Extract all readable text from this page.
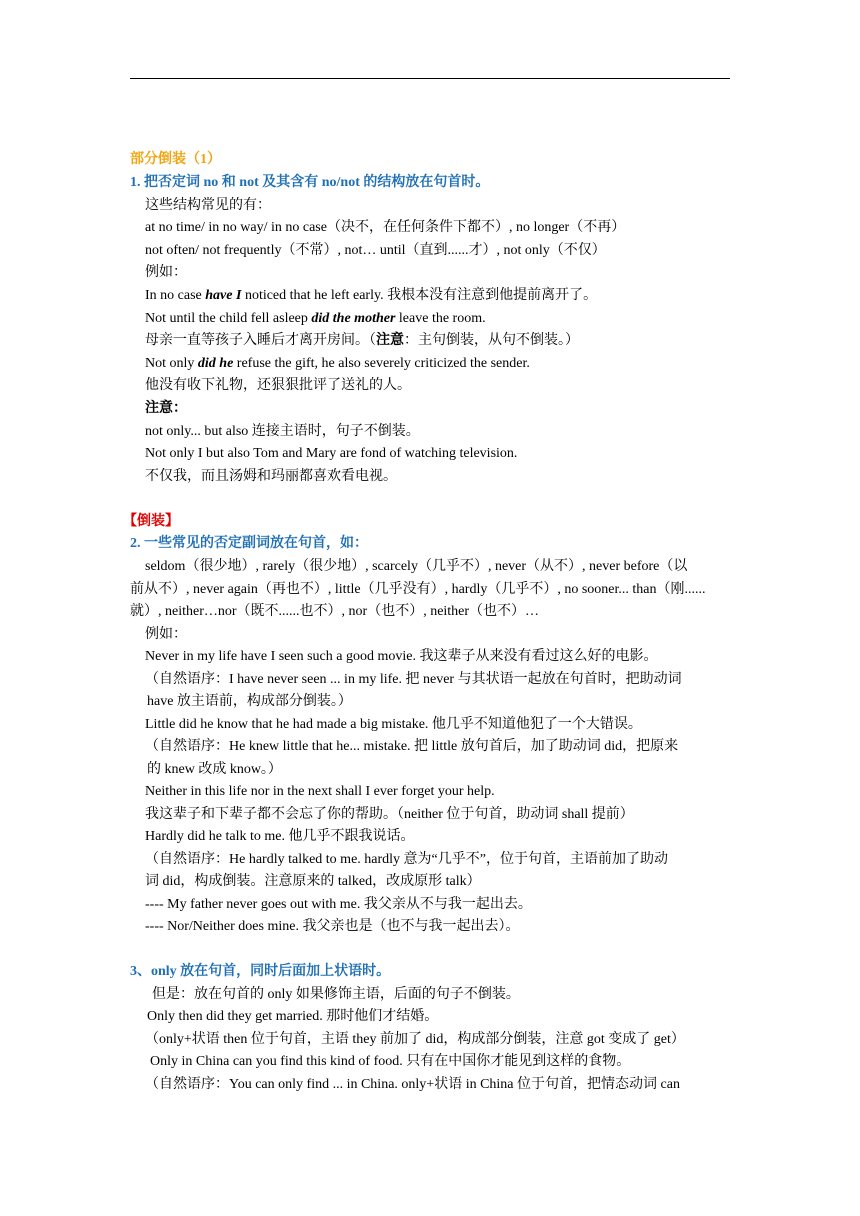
部分倒装（1）
1. 把否定词 no 和 not 及其含有 no/not 的结构放在句首时。
这些结构常见的有：
at no time/ in no way/ in no case（决不，在任何条件下都不）, no longer（不再）
not often/ not frequently（不常）, not… until（直到......才）, not only（不仅）
例如：
In no case have I noticed that he left early. 我根本没有注意到他提前离开了。
Not until the child fell asleep did the mother leave the room.
母亲一直等孩子入睡后才离开房间。（注意：主句倒装，从句不倒装。）
Not only did he refuse the gift, he also severely criticized the sender.
他没有收下礼物，还狠狠批评了送礼的人。
注意：
not only... but also 连接主语时，句子不倒装。
Not only I but also Tom and Mary are fond of watching television.
不仅我，而且汤姆和玛丽都喜欢看电视。
【倒装】
2. 一些常见的否定副词放在句首，如：
seldom（很少地）, rarely（很少地）, scarcely（几乎不）, never（从不）, never before（以
前从不）, never again（再也不）, little（几乎没有）, hardly（几乎不）, no sooner... than（刚......
就）, neither…nor（既不......也不）, nor（也不）, neither（也不）…
例如：
Never in my life have I seen such a good movie. 我这辈子从来没有看过这么好的电影。
（自然语序：I have never seen ... in my life. 把 never 与其状语一起放在句首时，把助动词
have 放主语前，构成部分倒装。）
Little did he know that he had made a big mistake. 他几乎不知道他犯了一个大错误。
（自然语序：He knew little that he... mistake. 把 little 放句首后，加了助动词 did，把原来
的 knew 改成 know。）
Neither in this life nor in the next shall I ever forget your help.
我这辈子和下辈子都不会忘了你的帮助。（neither 位于句首，助动词 shall 提前）
Hardly did he talk to me. 他几乎不跟我说话。
（自然语序：He hardly talked to me. hardly 意为“几乎不”，位于句首，主语前加了助动
词 did，构成倒装。注意原来的 talked，改成原形 talk）
---- My father never goes out with me. 我父亲从不与我一起出去。
---- Nor/Neither does mine. 我父亲也是（也不与我一起出去）。
3、only 放在句首，同时后面加上状语时。
但是：放在句首的 only 如果修饰主语，后面的句子不倒装。
Only then did they get married. 那时他们才结婚。
（only+状语 then 位于句首，主语 they 前加了 did，构成部分倒装，注意 got 变成了 get）
Only in China can you find this kind of food. 只有在中国你才能见到这样的食物。
（自然语序：You can only find ... in China. only+状语 in China 位于句首，把情态动词 can
